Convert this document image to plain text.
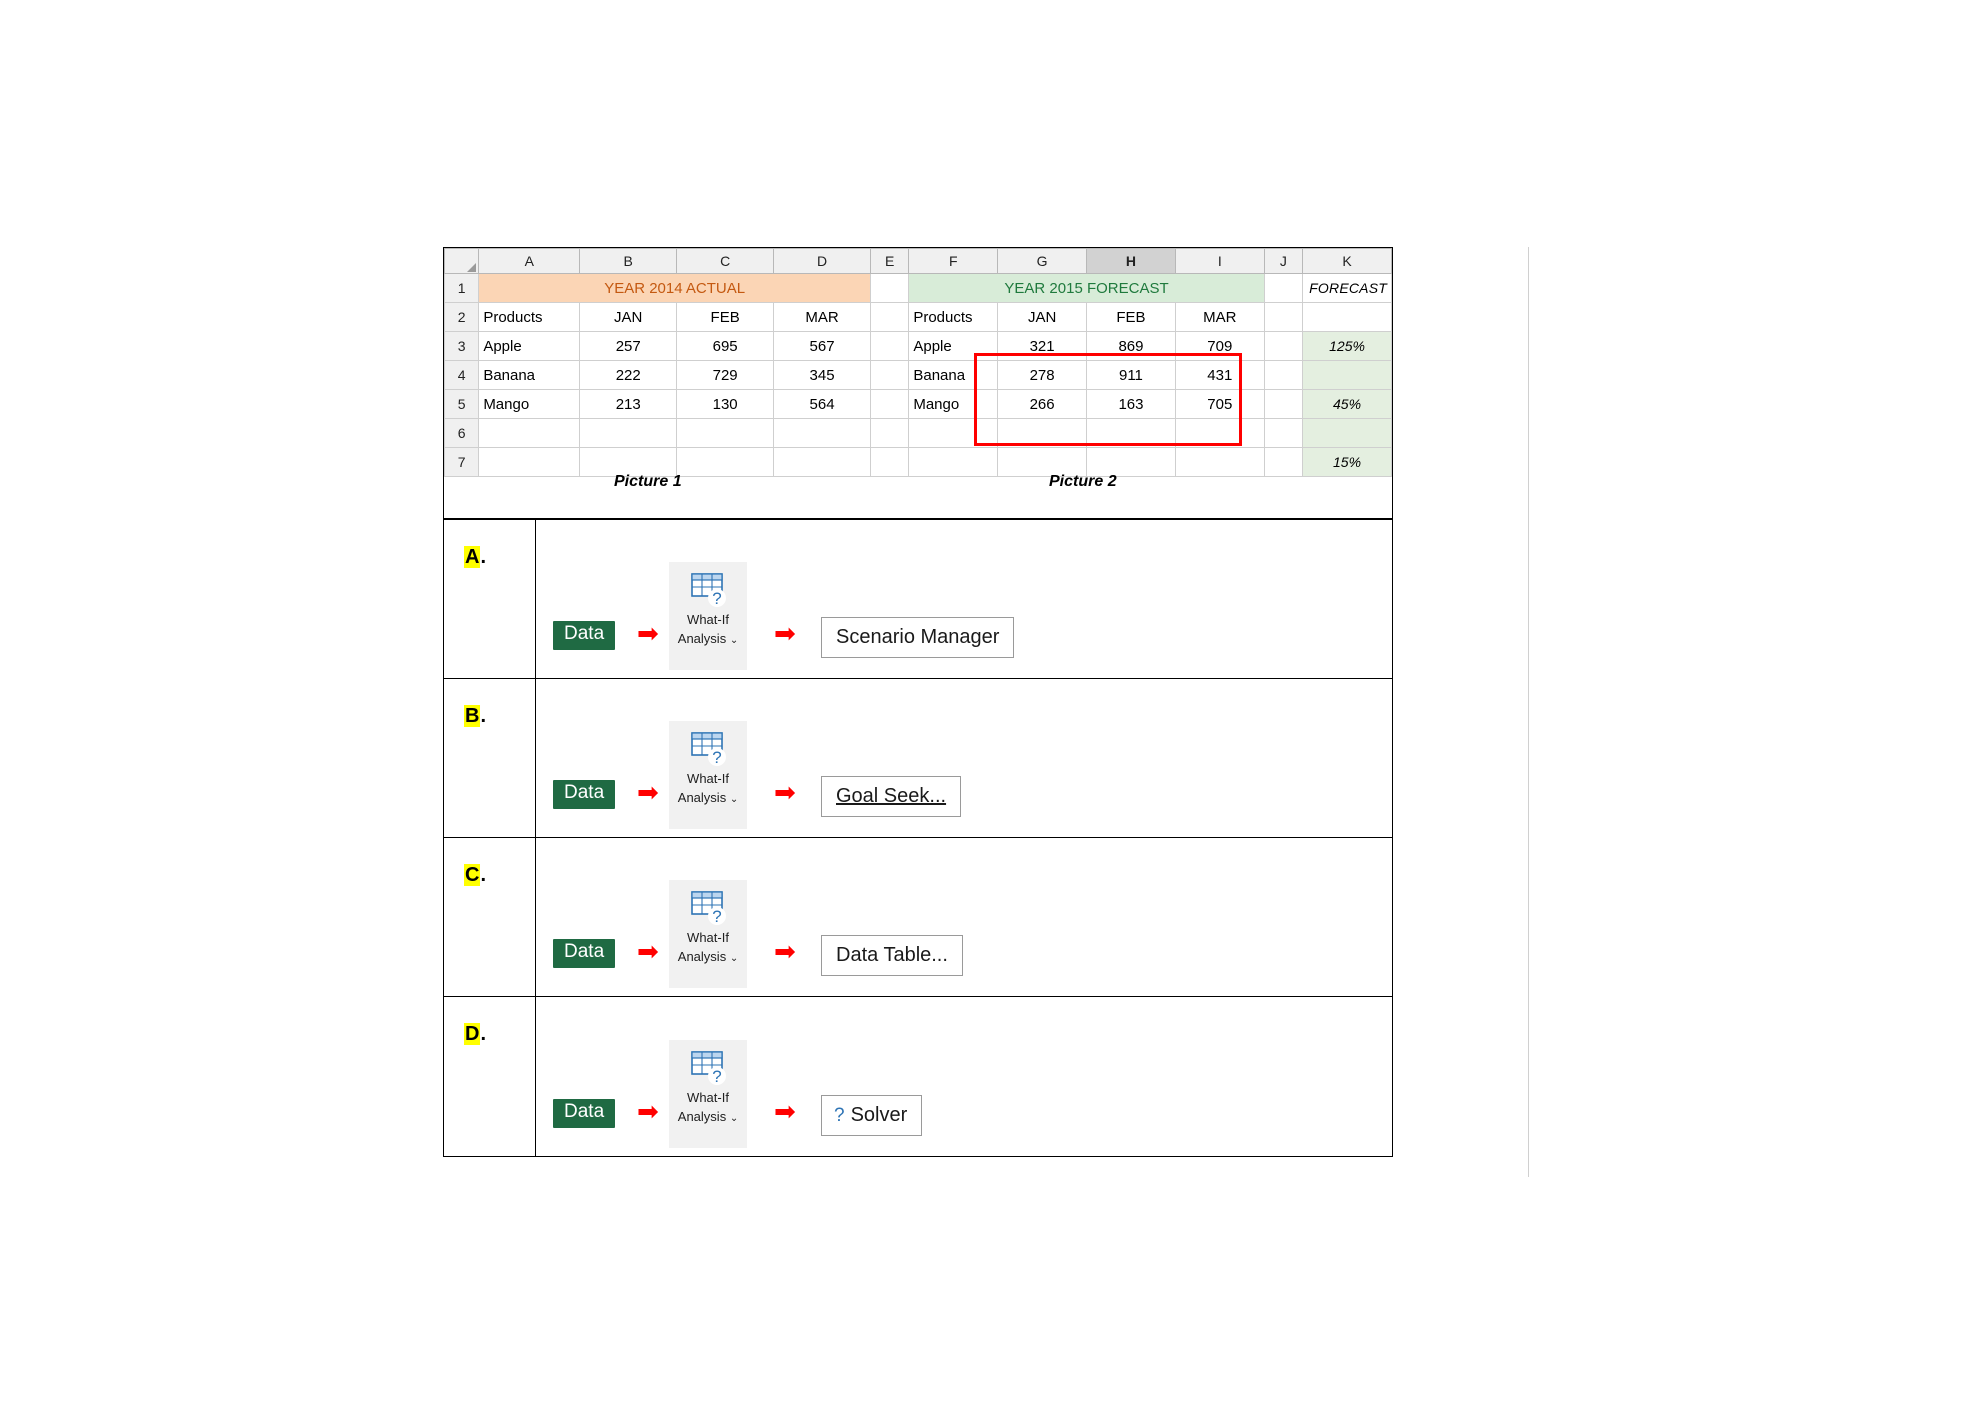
	A	B	C	D	E	F	G	H	I	J	K
1	YEAR 2014 ACTUAL					YEAR 2015 FORECAST					FORECAST
2	Products	JAN	FEB	MAR		Products	JAN	FEB	MAR		
3	Apple	257	695	567		Apple	321	869	709		125%
4	Banana	222	729	345		Banana	278	911	431		
5	Mango	213	130	564		Mango	266	163	705		45%
6											
7											15%
Picture 1	Picture 2
A.
Data	➡
?
What-If
Analysis ⌄	➡	Scenario Manager
B.
Data	➡
?
What-If
Analysis ⌄	➡	Goal Seek...
C.
Data	➡
?
What-If
Analysis ⌄	➡	Data Table...
D.
Data	➡
?
What-If
Analysis ⌄	➡	? Solver
